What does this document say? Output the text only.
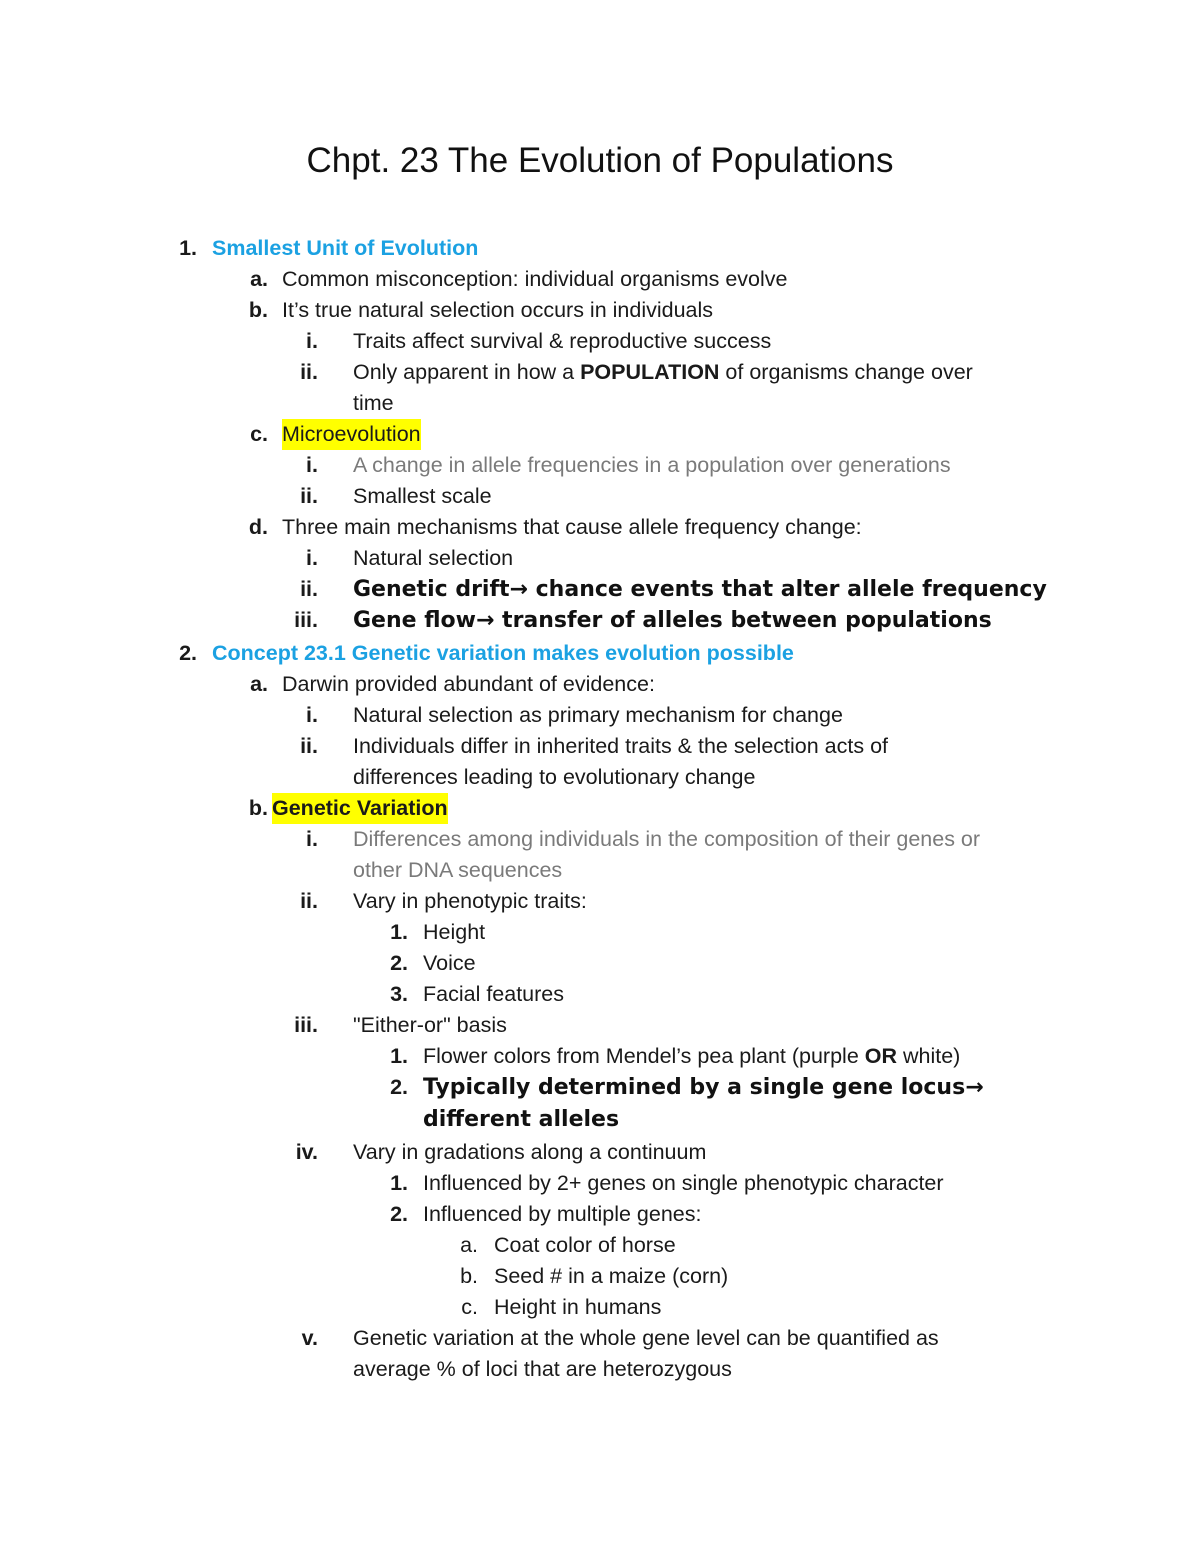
Chpt. 23 The Evolution of Populations
1. Smallest Unit of Evolution
a. Common misconception: individual organisms evolve
b. It’s true natural selection occurs in individuals
i. Traits affect survival & reproductive success
ii. Only apparent in how a POPULATION of organisms change over
time
c. Microevolution
i. A change in allele frequencies in a population over generations
ii. Smallest scale
d. Three main mechanisms that cause allele frequency change:
i. Natural selection
ii. Genetic drift→ chance events that alter allele frequency
iii. Gene flow→ transfer of alleles between populations
2. Concept 23.1 Genetic variation makes evolution possible
a. Darwin provided abundant of evidence:
i. Natural selection as primary mechanism for change
ii. Individuals differ in inherited traits & the selection acts of
differences leading to evolutionary change
b. Genetic Variation
i. Differences among individuals in the composition of their genes or
other DNA sequences
ii. Vary in phenotypic traits:
1. Height
2. Voice
3. Facial features
iii. "Either-or" basis
1. Flower colors from Mendel’s pea plant (purple OR white)
2. Typically determined by a single gene locus→
different alleles
iv. Vary in gradations along a continuum
1. Influenced by 2+ genes on single phenotypic character
2. Influenced by multiple genes:
a. Coat color of horse
b. Seed # in a maize (corn)
c. Height in humans
v. Genetic variation at the whole gene level can be quantified as
average % of loci that are heterozygous
